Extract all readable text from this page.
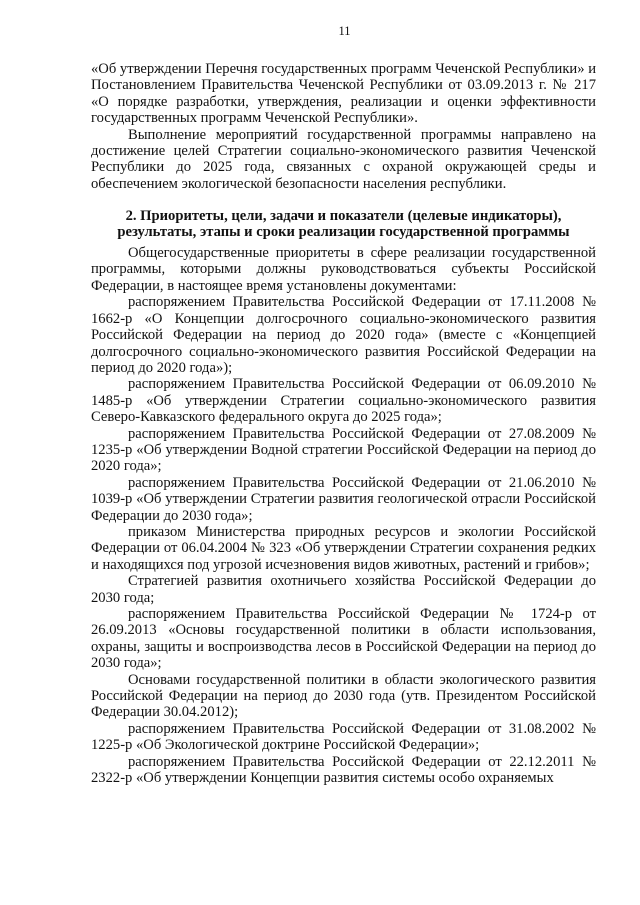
11

«Об утверждении Перечня государственных программ Чеченской Республики» и Постановлением Правительства Чеченской Республики от 03.09.2013 г. № 217 «О порядке разработки, утверждения, реализации и оценки эффективности государственных программ Чеченской Республики».

Выполнение мероприятий государственной программы направлено на достижение целей Стратегии социально-экономического развития Чеченской Республики до 2025 года, связанных с охраной окружающей среды и обеспечением экологической безопасности населения республики.

2. Приоритеты, цели, задачи и показатели (целевые индикаторы),
результаты, этапы и сроки реализации государственной программы

Общегосударственные приоритеты в сфере реализации государственной программы, которыми должны руководствоваться субъекты Российской Федерации, в настоящее время установлены документами:

распоряжением Правительства Российской Федерации от 17.11.2008 № 1662-р «О Концепции долгосрочного социально-экономического развития Российской Федерации на период до 2020 года» (вместе с «Концепцией долгосрочного социально-экономического развития Российской Федерации на период до 2020 года»);

распоряжением Правительства Российской Федерации от 06.09.2010 № 1485-р «Об утверждении Стратегии социально-экономического развития Северо-Кавказского федерального округа до 2025 года»;

распоряжением Правительства Российской Федерации от 27.08.2009 № 1235-р «Об утверждении Водной стратегии Российской Федерации на период до 2020 года»;

распоряжением Правительства Российской Федерации от 21.06.2010 № 1039-р «Об утверждении Стратегии развития геологической отрасли Российской Федерации до 2030 года»;

приказом Министерства природных ресурсов и экологии Российской Федерации от 06.04.2004 № 323 «Об утверждении Стратегии сохранения редких и находящихся под угрозой исчезновения видов животных, растений и грибов»;

Стратегией развития охотничьего хозяйства Российской Федерации до 2030 года;

распоряжением Правительства Российской Федерации № 1724-р от 26.09.2013 «Основы государственной политики в области использования, охраны, защиты и воспроизводства лесов в Российской Федерации на период до 2030 года»;

Основами государственной политики в области экологического развития Российской Федерации на период до 2030 года (утв. Президентом Российской Федерации 30.04.2012);

распоряжением Правительства Российской Федерации от 31.08.2002 № 1225-р «Об Экологической доктрине Российской Федерации»;

распоряжением Правительства Российской Федерации от 22.12.2011 № 2322-р «Об утверждении Концепции развития системы особо охраняемых
